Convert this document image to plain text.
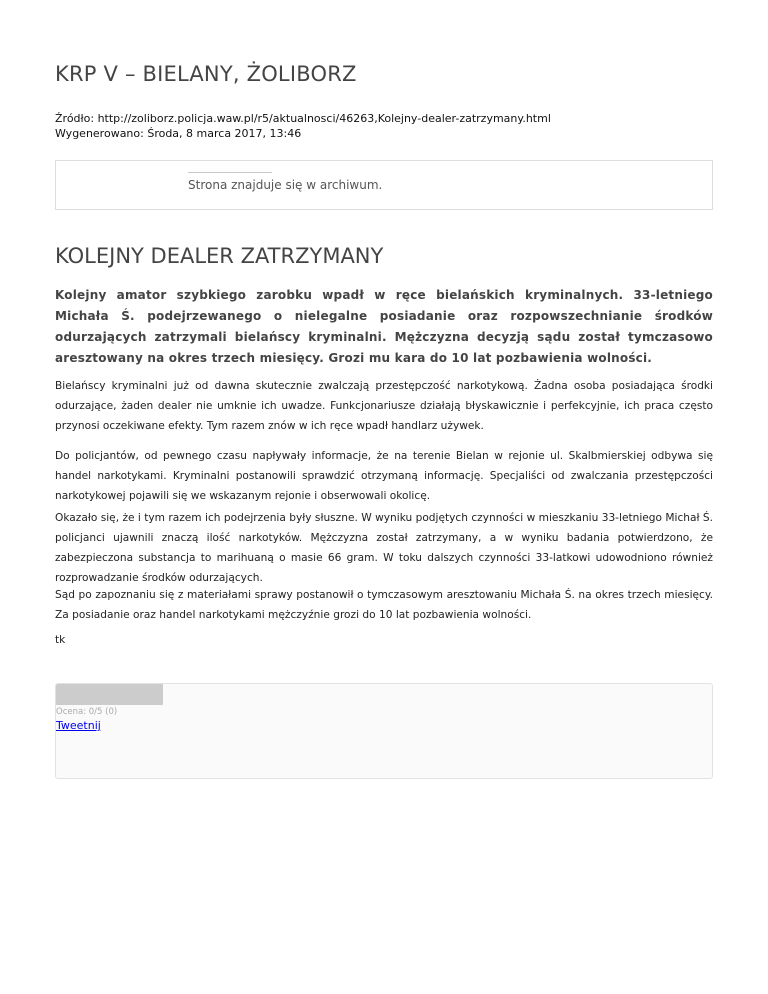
KRP V – BIELANY, ŻOLIBORZ
Źródło: http://zoliborz.policja.waw.pl/r5/aktualnosci/46263,Kolejny-dealer-zatrzymany.html
Wygenerowano: Środa, 8 marca 2017, 13:46
Strona znajduje się w archiwum.
KOLEJNY DEALER ZATRZYMANY

Kolejny amator szybkiego zarobku wpadł w ręce bielańskich kryminalnych. 33-letniego Michała Ś. podejrzewanego o nielegalne posiadanie oraz rozpowszechnianie środków odurzających zatrzymali bielańscy kryminalni. Mężczyzna decyzją sądu został tymczasowo aresztowany na okres trzech miesięcy. Grozi mu kara do 10 lat pozbawienia wolności.

Bielańscy kryminalni już od dawna skutecznie zwalczają przestępczość narkotykową. Żadna osoba posiadająca środki odurzające, żaden dealer nie umknie ich uwadze. Funkcjonariusze działają błyskawicznie i perfekcyjnie, ich praca często przynosi oczekiwane efekty. Tym razem znów w ich ręce wpadł handlarz używek.

Do policjantów, od pewnego czasu napływały informacje, że na terenie Bielan w rejonie ul. Skalbmierskiej odbywa się handel narkotykami. Kryminalni postanowili sprawdzić otrzymaną informację. Specjaliści od zwalczania przestępczości narkotykowej pojawili się we wskazanym rejonie i obserwowali okolicę.

Okazało się, że i tym razem ich podejrzenia były słuszne. W wyniku podjętych czynności w mieszkaniu 33-letniego Michał Ś. policjanci ujawnili znaczą ilość narkotyków. Mężczyzna został zatrzymany, a w wyniku badania potwierdzono, że zabezpieczona substancja to marihuaną o masie 66 gram. W toku dalszych czynności 33-latkowi udowodniono również rozprowadzanie środków odurzających.

Sąd po zapoznaniu się z materiałami sprawy postanowił o tymczasowym aresztowaniu Michała Ś. na okres trzech miesięcy. Za posiadanie oraz handel narkotykami mężczyźnie grozi do 10 lat pozbawienia wolności.

tk

Ocena: 0/5 (0)
Tweetnij
